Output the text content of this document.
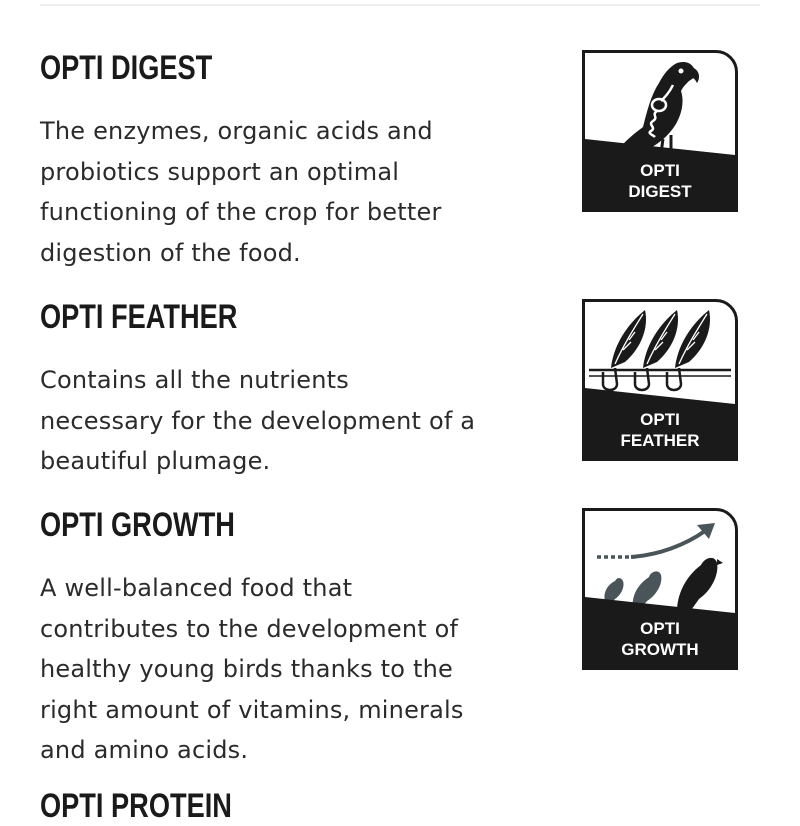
OPTI DIGEST

The enzymes, organic acids and
probiotics support an optimal
functioning of the crop for better
digestion of the food.

OPTI
DIGEST
OPTI FEATHER

Contains all the nutrients
necessary for the development of a
beautiful plumage.

OPTI
FEATHER
OPTI GROWTH

A well-balanced food that
contributes to the development of
healthy young birds thanks to the
right amount of vitamins, minerals
and amino acids.

OPTI
GROWTH
OPTI PROTEIN
